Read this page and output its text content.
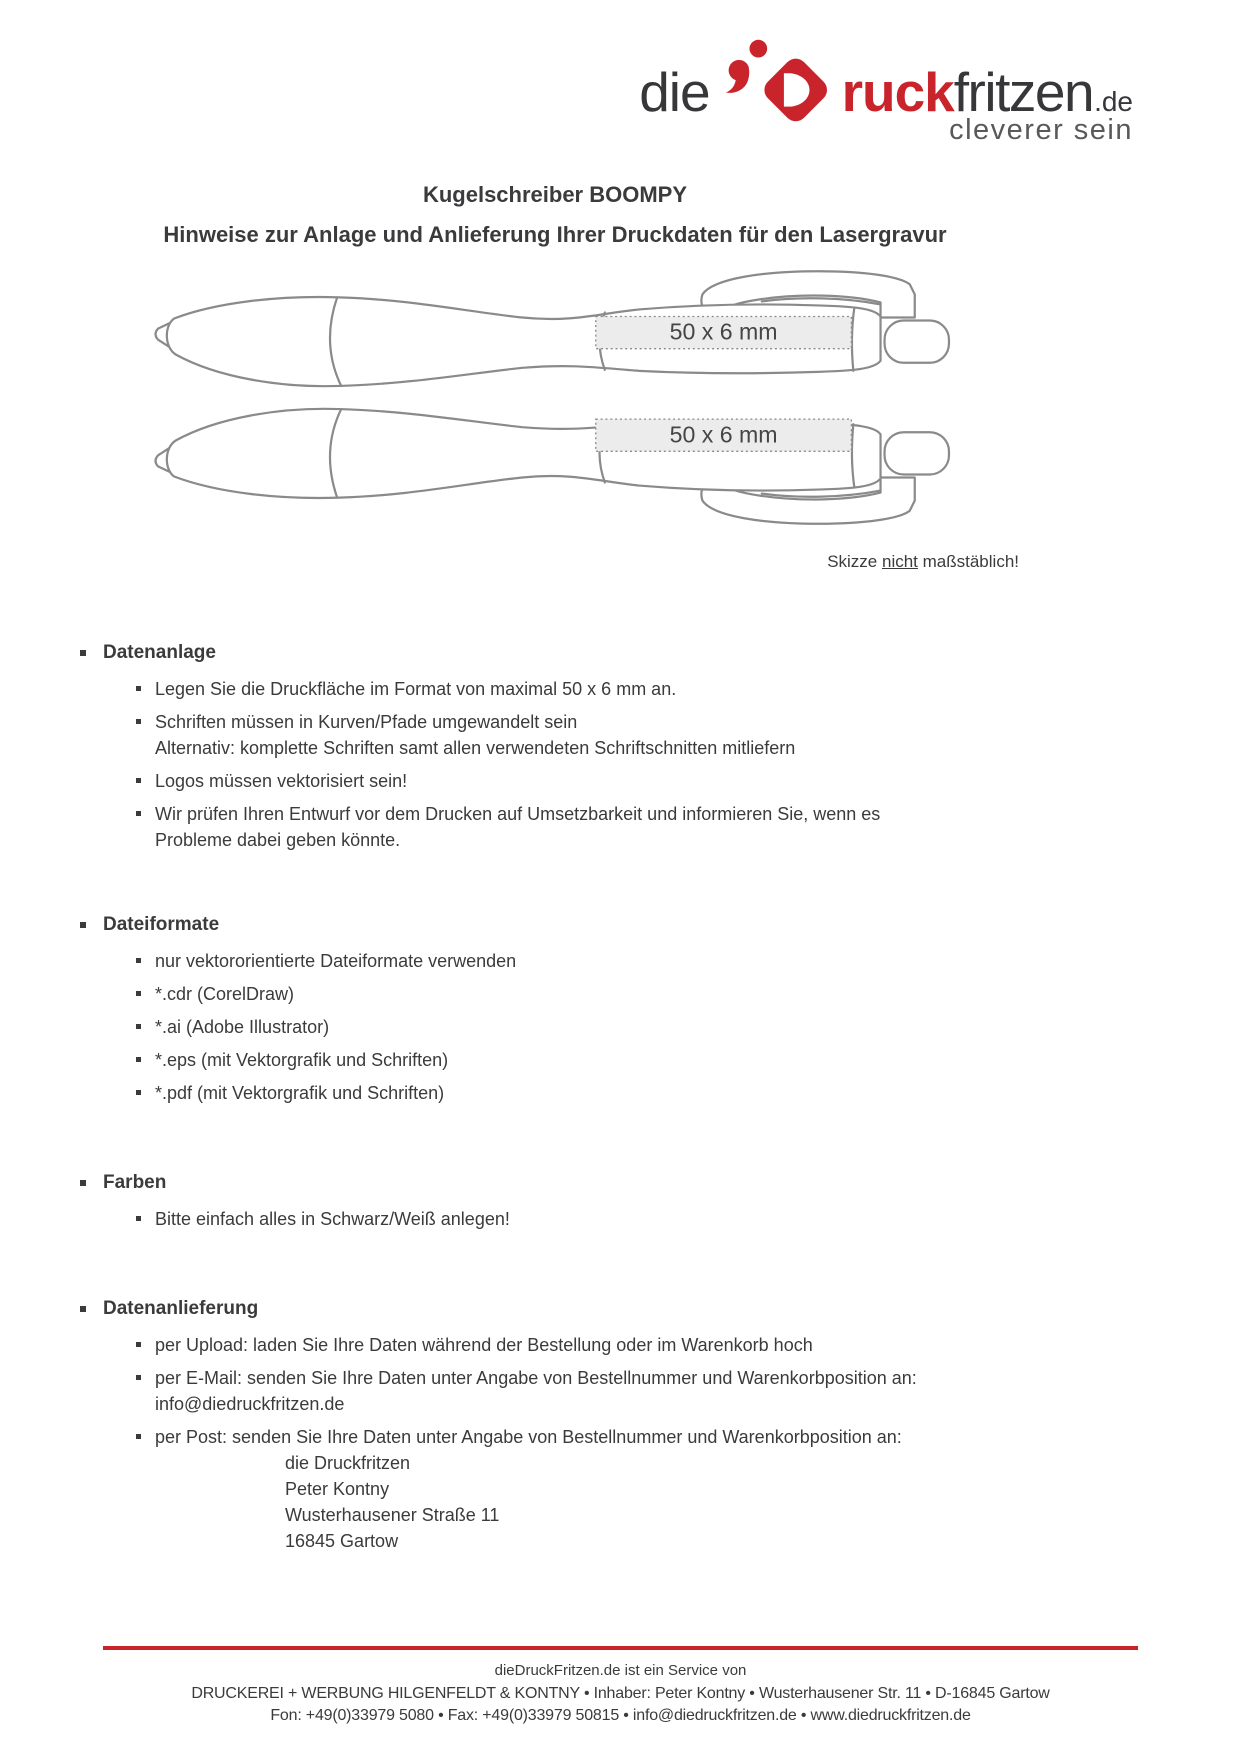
die ruck fritzen .de
cleverer sein
Kugelschreiber BOOMPY
Hinweise zur Anlage und Anlieferung Ihrer Druckdaten für den Lasergravur
50 x 6 mm
50 x 6 mm
Skizze nicht maßstäblich!
Datenanlage
Legen Sie die Druckfläche im Format von maximal 50 x 6 mm an.
Schriften müssen in Kurven/Pfade umgewandelt sein
Alternativ: komplette Schriften samt allen verwendeten Schriftschnitten mitliefern
Logos müssen vektorisiert sein!
Wir prüfen Ihren Entwurf vor dem Drucken auf Umsetzbarkeit und informieren Sie, wenn es
Probleme dabei geben könnte.
Dateiformate
nur vektororientierte Dateiformate verwenden
*.cdr (CorelDraw)
*.ai (Adobe Illustrator)
*.eps (mit Vektorgrafik und Schriften)
*.pdf (mit Vektorgrafik und Schriften)
Farben
Bitte einfach alles in Schwarz/Weiß anlegen!
Datenanlieferung
per Upload: laden Sie Ihre Daten während der Bestellung oder im Warenkorb hoch
per E-Mail: senden Sie Ihre Daten unter Angabe von Bestellnummer und Warenkorbposition an:
info@diedruckfritzen.de
per Post: senden Sie Ihre Daten unter Angabe von Bestellnummer und Warenkorbposition an:
die Druckfritzen
Peter Kontny
Wusterhausener Straße 11
16845 Gartow
dieDruckFritzen.de ist ein Service von
DRUCKEREI + WERBUNG HILGENFELDT & KONTNY • Inhaber: Peter Kontny • Wusterhausener Str. 11 • D-16845 Gartow
Fon: +49(0)33979 5080 • Fax: +49(0)33979 50815 • info@diedruckfritzen.de • www.diedruckfritzen.de
